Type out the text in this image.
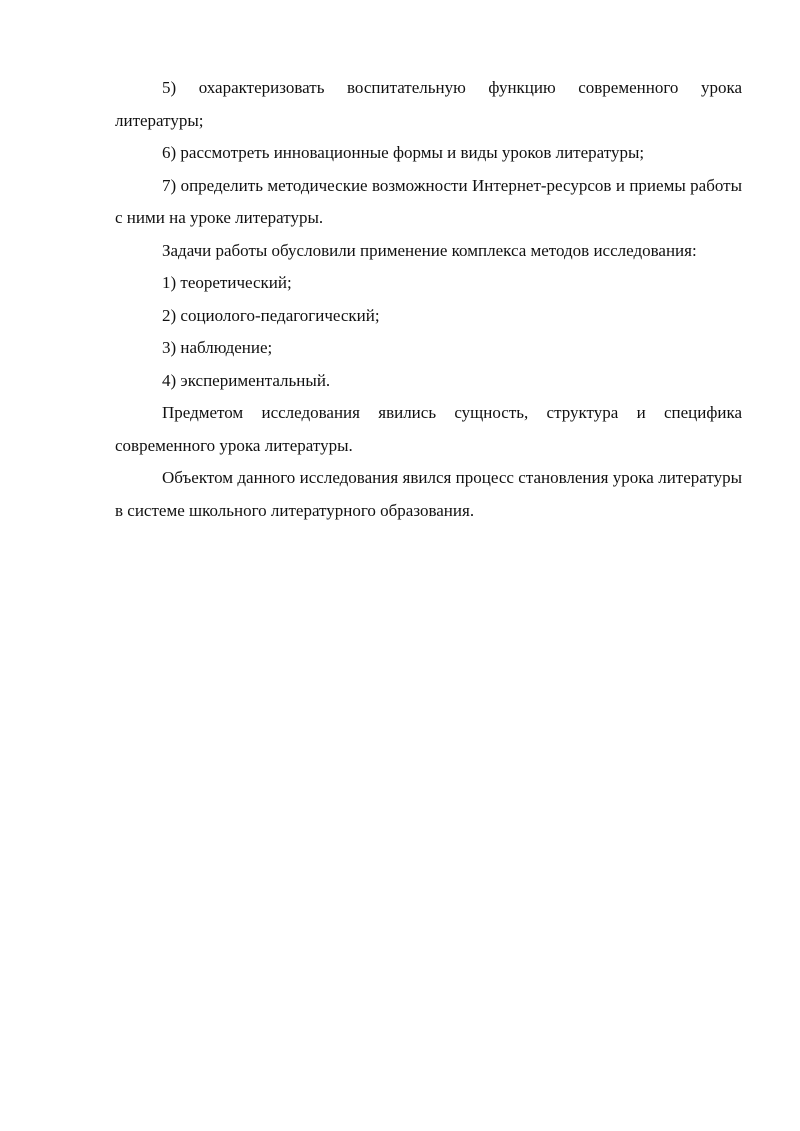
5) охарактеризовать воспитательную функцию современного урока литературы;

6) рассмотреть инновационные формы и виды уроков литературы;

7) определить методические возможности Интернет-ресурсов и приемы работы с ними на уроке литературы.

Задачи работы обусловили применение комплекса методов исследования:

1) теоретический;

2) социолого-педагогический;

3) наблюдение;

4) экспериментальный.

Предметом исследования явились сущность, структура и специфика современного урока литературы.

Объектом данного исследования явился процесс становления урока литературы в системе школьного литературного образования.
